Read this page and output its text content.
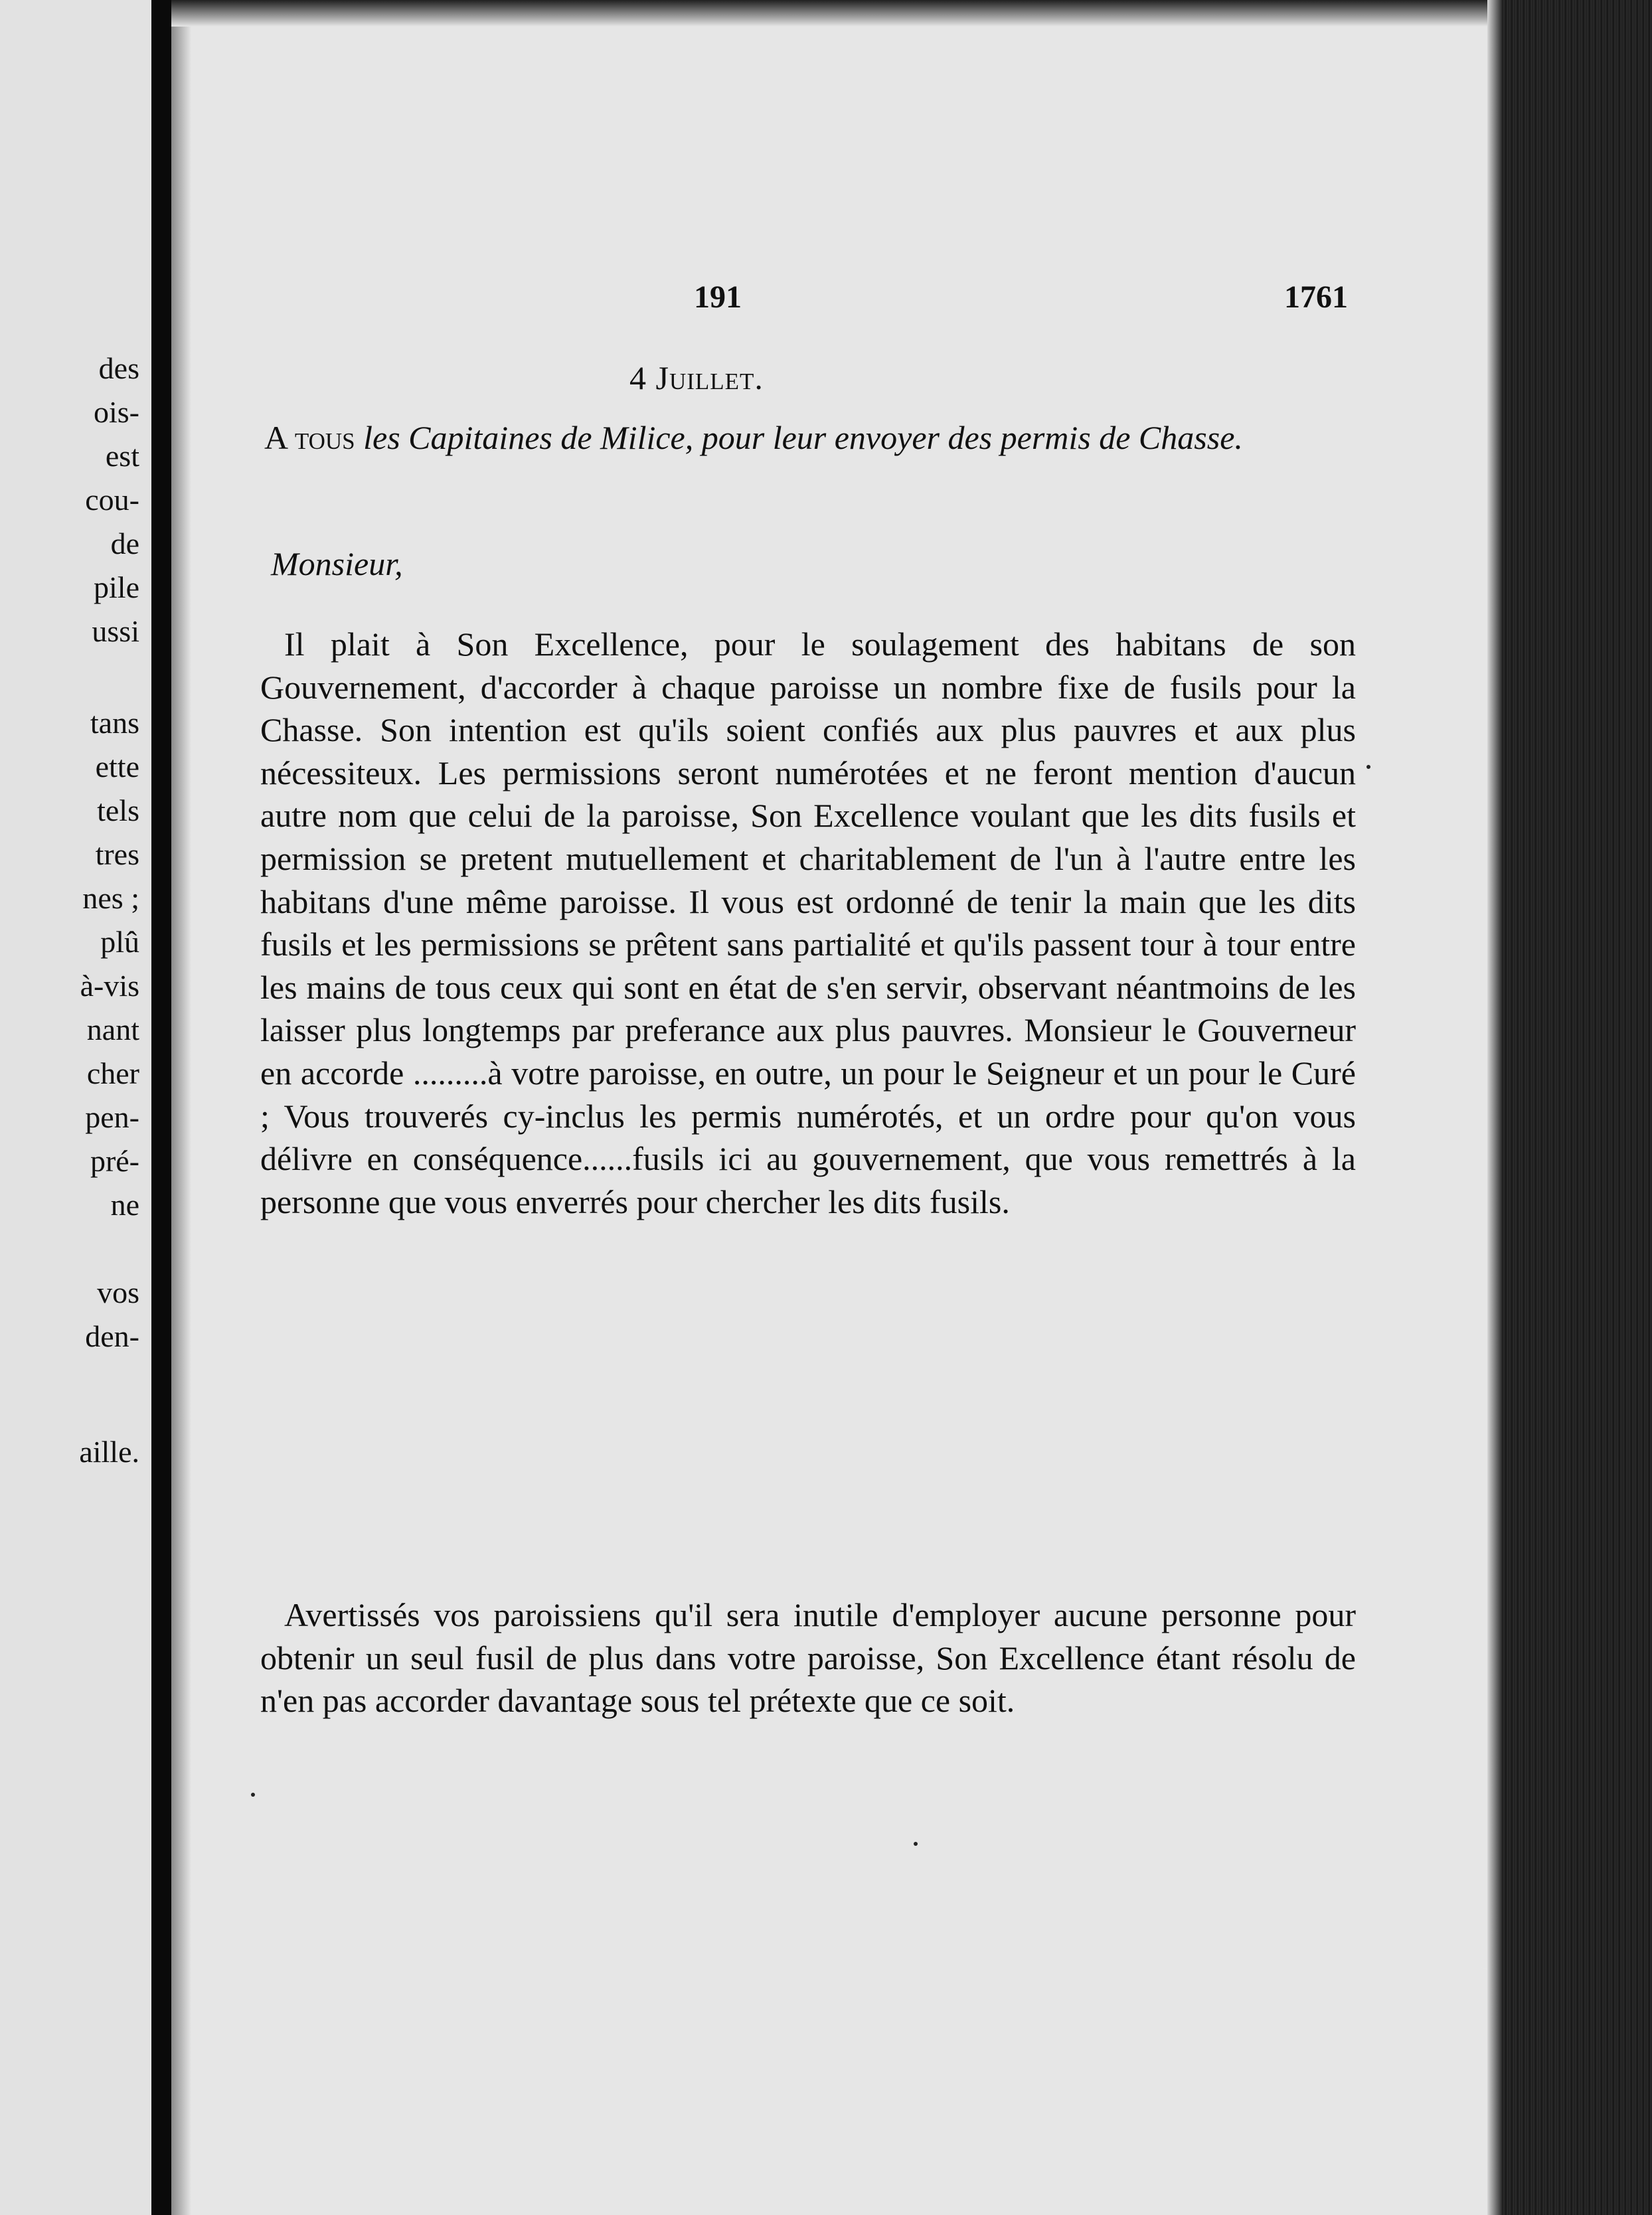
des
ois-
est
cou-
de
pile
ussi
tans
ette
tels
tres
nes ;
plû
à-vis
nant
cher
pen-
pré-
ne
vos
den-
aille.
191	1761
4 Juillet.
A tous les Capitaines de Milice, pour leur envoyer des permis de Chasse.
Monsieur,
Il plait à Son Excellence, pour le soulagement des habitans de son Gouvernement, d'accorder à chaque paroisse un nombre fixe de fusils pour la Chasse. Son intention est qu'ils soient confiés aux plus pauvres et aux plus nécessiteux. Les permissions seront numérotées et ne feront mention d'aucun autre nom que celui de la paroisse, Son Excellence voulant que les dits fusils et permission se pretent mutuellement et charitablement de l'un à l'autre entre les habitans d'une même paroisse. Il vous est ordonné de tenir la main que les dits fusils et les permissions se prêtent sans partialité et qu'ils passent tour à tour entre les mains de tous ceux qui sont en état de s'en servir, observant néantmoins de les laisser plus longtemps par preferance aux plus pauvres. Monsieur le Gouverneur en accorde .........à votre paroisse, en outre, un pour le Seigneur et un pour le Curé ; Vous trouverés cy-inclus les permis numérotés, et un ordre pour qu'on vous délivre en conséquence......fusils ici au gouvernement, que vous remettrés à la personne que vous enverrés pour chercher les dits fusils.
Avertissés vos paroissiens qu'il sera inutile d'employer aucune personne pour obtenir un seul fusil de plus dans votre paroisse, Son Excellence étant résolu de n'en pas accorder davantage sous tel prétexte que ce soit.
